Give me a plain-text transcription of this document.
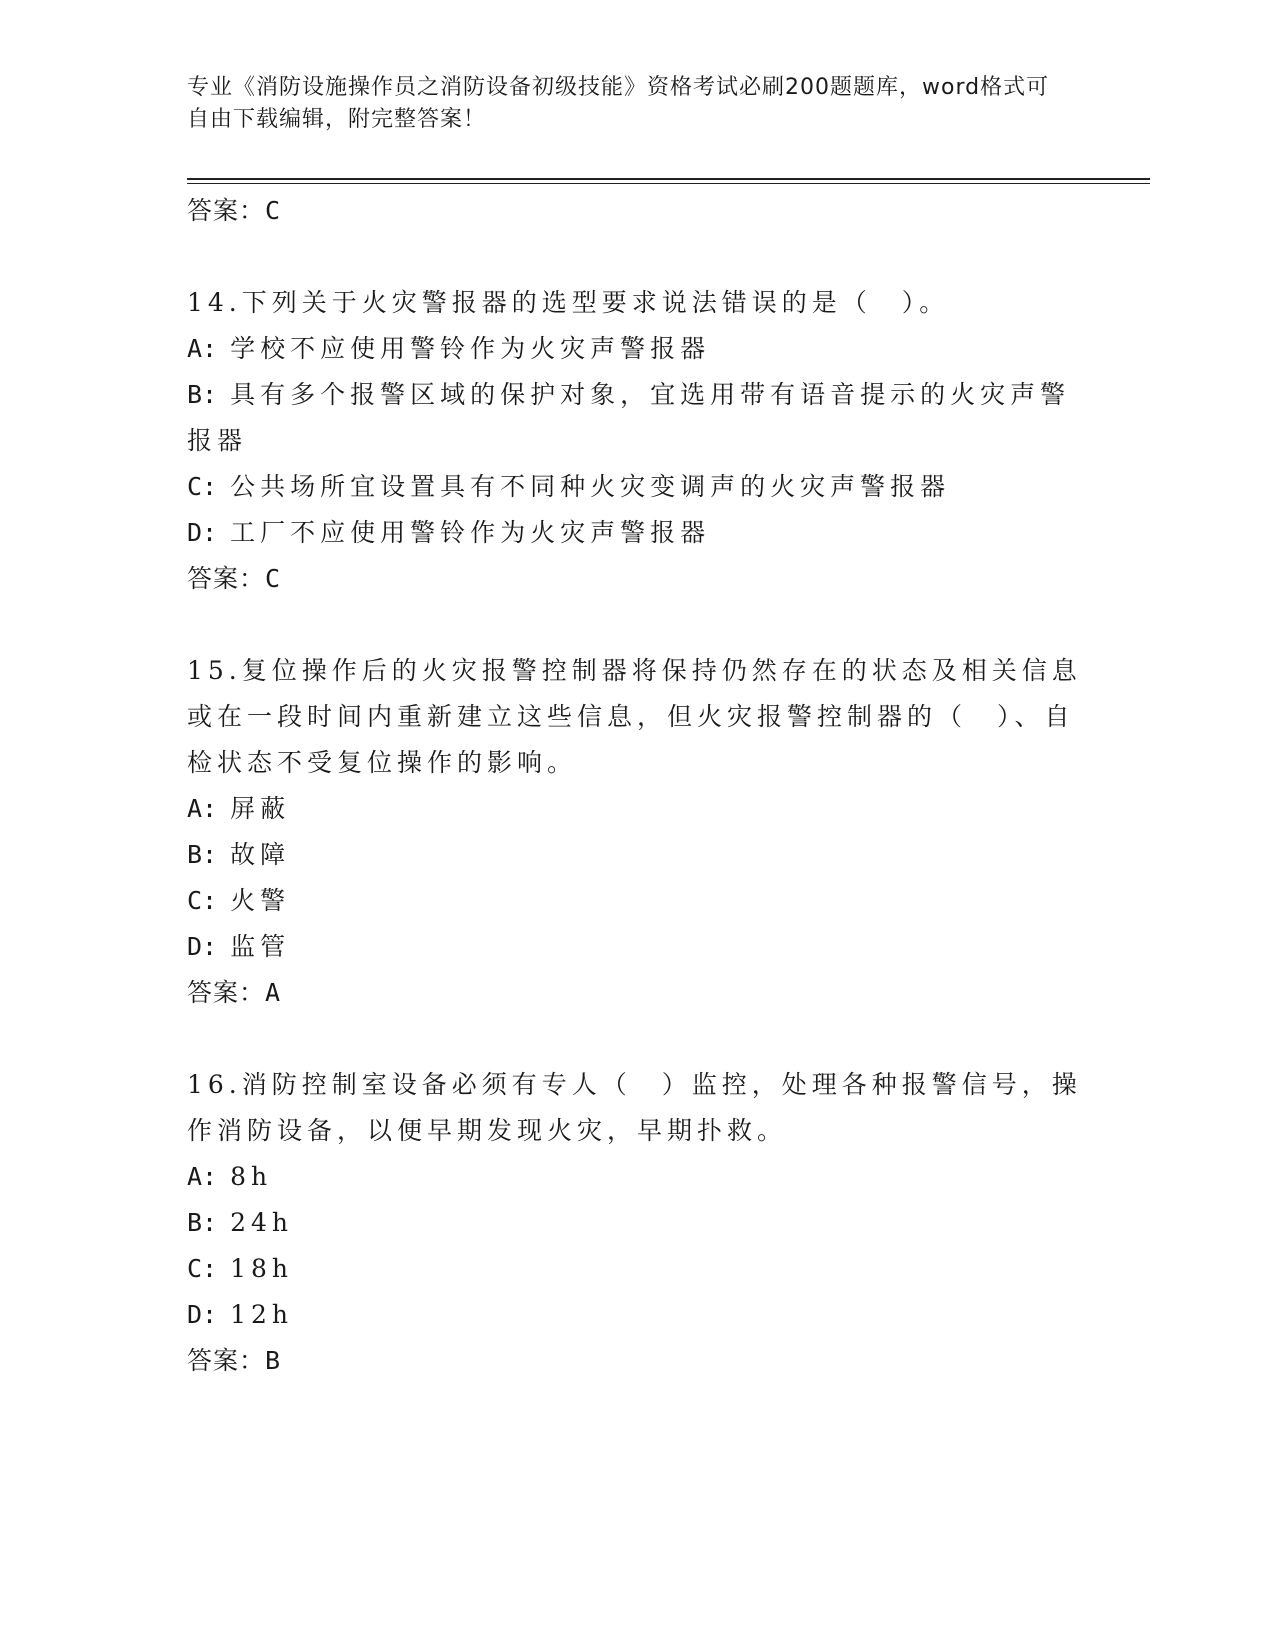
专业《消防设施操作员之消防设备初级技能》资格考试必刷200题题库，word格式可自由下载编辑，附完整答案！
答案：C

14.下列关于火灾警报器的选型要求说法错误的是（　）。

A: 学校不应使用警铃作为火灾声警报器

B: 具有多个报警区域的保护对象，宜选用带有语音提示的火灾声警报器

C: 公共场所宜设置具有不同种火灾变调声的火灾声警报器

D: 工厂不应使用警铃作为火灾声警报器

答案：C

15.复位操作后的火灾报警控制器将保持仍然存在的状态及相关信息或在一段时间内重新建立这些信息，但火灾报警控制器的（　）、自检状态不受复位操作的影响。

A: 屏蔽

B: 故障

C: 火警

D: 监管

答案：A

16.消防控制室设备必须有专人（　）监控，处理各种报警信号，操作消防设备，以便早期发现火灾，早期扑救。

A: 8h

B: 24h

C: 18h

D: 12h

答案：B
